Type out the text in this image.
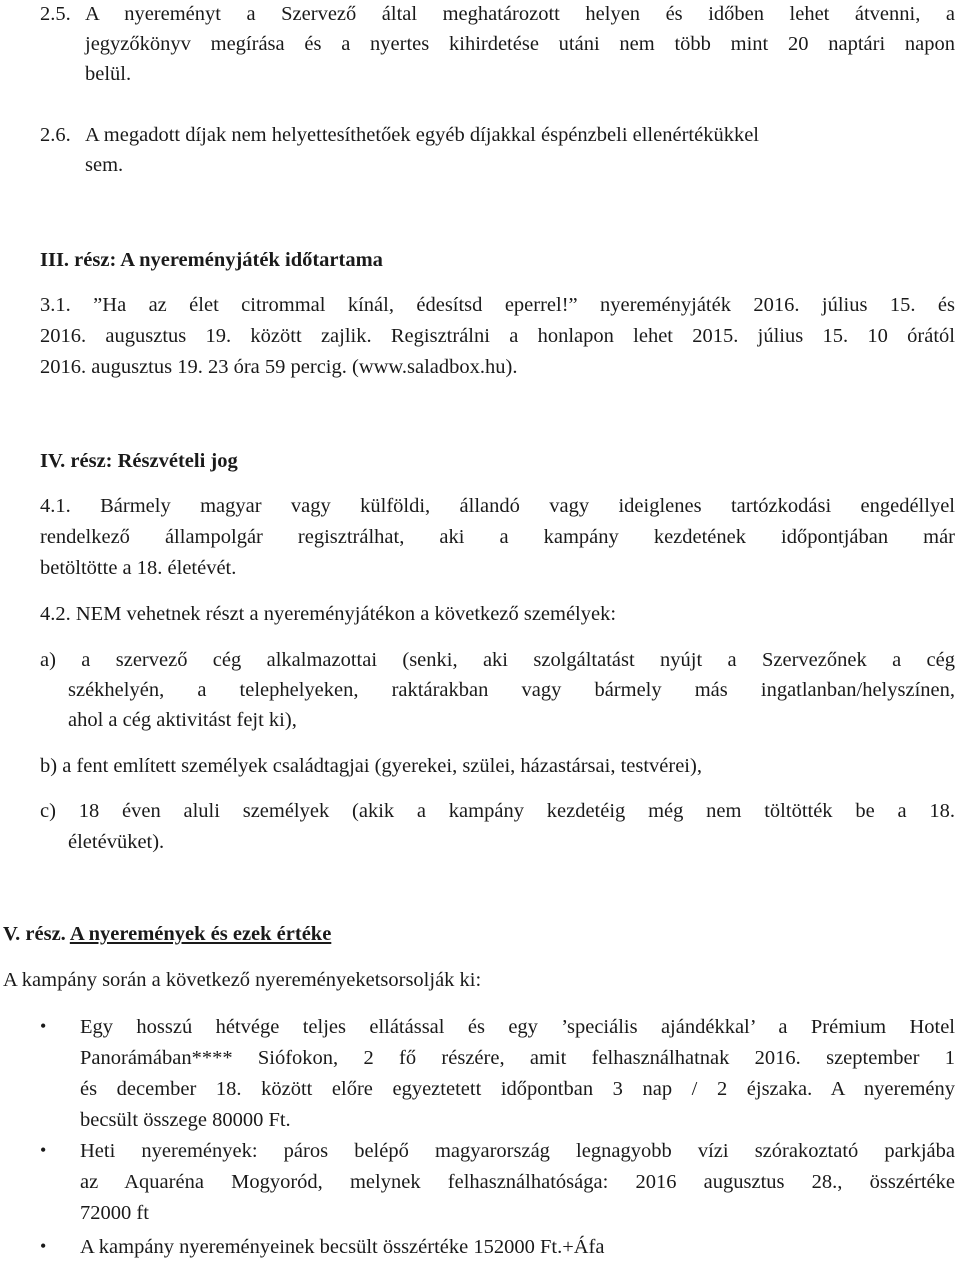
2.5. A nyereményt a Szervező által meghatározott helyen és időben lehet átvenni, a
jegyzőkönyv megírása és a nyertes kihirdetése utáni nem több mint 20 naptári napon
belül.
2.6. A megadott díjak nem helyettesíthetőek egyéb díjakkal éspénzbeli ellenértékükkel
sem.
III. rész: A nyereményjáték időtartama
3.1. ”Ha az élet citrommal kínál, édesítsd eperrel!” nyereményjáték 2016. július 15. és
2016. augusztus 19. között zajlik. Regisztrálni a honlapon lehet 2015. július 15. 10 órától
2016. augusztus 19. 23 óra 59 percig. (www.saladbox.hu).
IV. rész: Részvételi jog
4.1. Bármely magyar vagy külföldi, állandó vagy ideiglenes tartózkodási engedéllyel
rendelkező állampolgár regisztrálhat, aki a kampány kezdetének időpontjában már
betöltötte a 18. életévét.
4.2. NEM vehetnek részt a nyereményjátékon a következő személyek:
a) a szervező cég alkalmazottai (senki, aki szolgáltatást nyújt a Szervezőnek a cég
székhelyén, a telephelyeken, raktárakban vagy bármely más ingatlanban/helyszínen,
ahol a cég aktivitást fejt ki),
b) a fent említett személyek családtagjai (gyerekei, szülei, házastársai, testvérei),
c) 18 éven aluli személyek (akik a kampány kezdetéig még nem töltötték be a 18.
életévüket).
V. rész. A nyeremények és ezek értéke
A kampány során a következő nyereményeketsorsolják ki:
• Egy hosszú hétvége teljes ellátással és egy ’speciális ajándékkal’ a Prémium Hotel
Panorámában**** Siófokon, 2 fő részére, amit felhasználhatnak 2016. szeptember 1
és december 18. között előre egyeztetett időpontban 3 nap / 2 éjszaka. A nyeremény
becsült összege 80000 Ft.
• Heti nyeremények: páros belépő magyarország legnagyobb vízi szórakoztató parkjába
az Aquaréna Mogyoród, melynek felhasználhatósága: 2016 augusztus 28., összértéke
72000 ft
• A kampány nyereményeinek becsült összértéke 152000 Ft.+Áfa
